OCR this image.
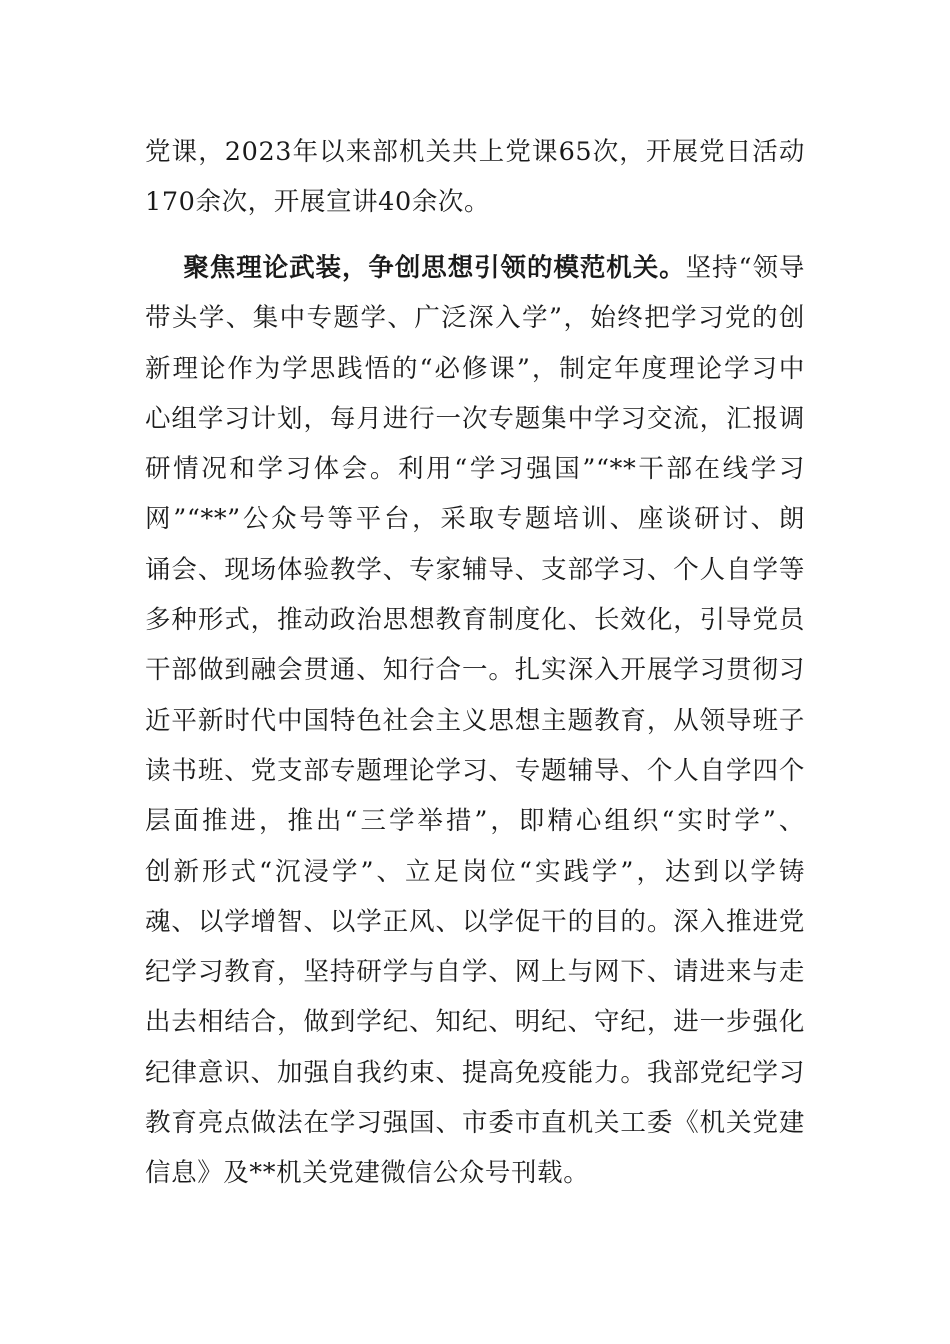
党课，2023年以来部机关共上党课65次，开展党日活动
170余次，开展宣讲40余次。
聚焦理论武装，争创思想引领的模范机关。坚持“领导
带头学、集中专题学、广泛深入学”，始终把学习党的创
新理论作为学思践悟的“必修课”，制定年度理论学习中
心组学习计划，每月进行一次专题集中学习交流，汇报调
研情况和学习体会。利用“学习强国”“**干部在线学习
网”“**”公众号等平台，采取专题培训、座谈研讨、朗
诵会、现场体验教学、专家辅导、支部学习、个人自学等
多种形式，推动政治思想教育制度化、长效化，引导党员
干部做到融会贯通、知行合一。扎实深入开展学习贯彻习
近平新时代中国特色社会主义思想主题教育，从领导班子
读书班、党支部专题理论学习、专题辅导、个人自学四个
层面推进，推出“三学举措”，即精心组织“实时学”、
创新形式“沉浸学”、立足岗位“实践学”，达到以学铸
魂、以学增智、以学正风、以学促干的目的。深入推进党
纪学习教育，坚持研学与自学、网上与网下、请进来与走
出去相结合，做到学纪、知纪、明纪、守纪，进一步强化
纪律意识、加强自我约束、提高免疫能力。我部党纪学习
教育亮点做法在学习强国、市委市直机关工委《机关党建
信息》及**机关党建微信公众号刊载。
